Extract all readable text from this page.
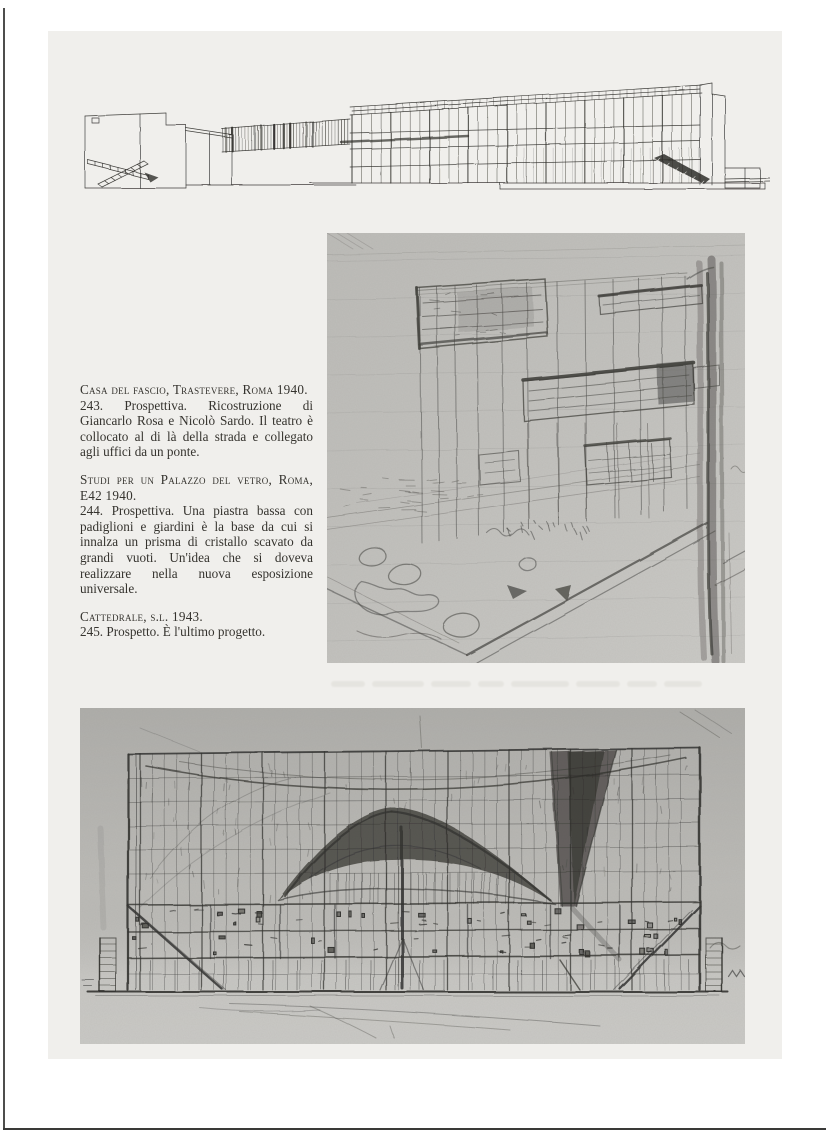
Casa del fascio, Trastevere, Roma 1940.
243. Prospettiva. Ricostruzione di Giancarlo Rosa e Nicolò Sardo. Il teatro è collocato al di là della strada e collegato agli uffici da un ponte.
Studi per un Palazzo del vetro, Roma, E42 1940.
244. Prospettiva. Una piastra bassa con padiglioni e giardini è la base da cui si innalza un prisma di cristallo scavato da grandi vuoti. Un'idea che si doveva realizzare nella nuova esposizione universale.
Cattedrale, s.l. 1943.
245. Prospetto. È l'ultimo progetto.
